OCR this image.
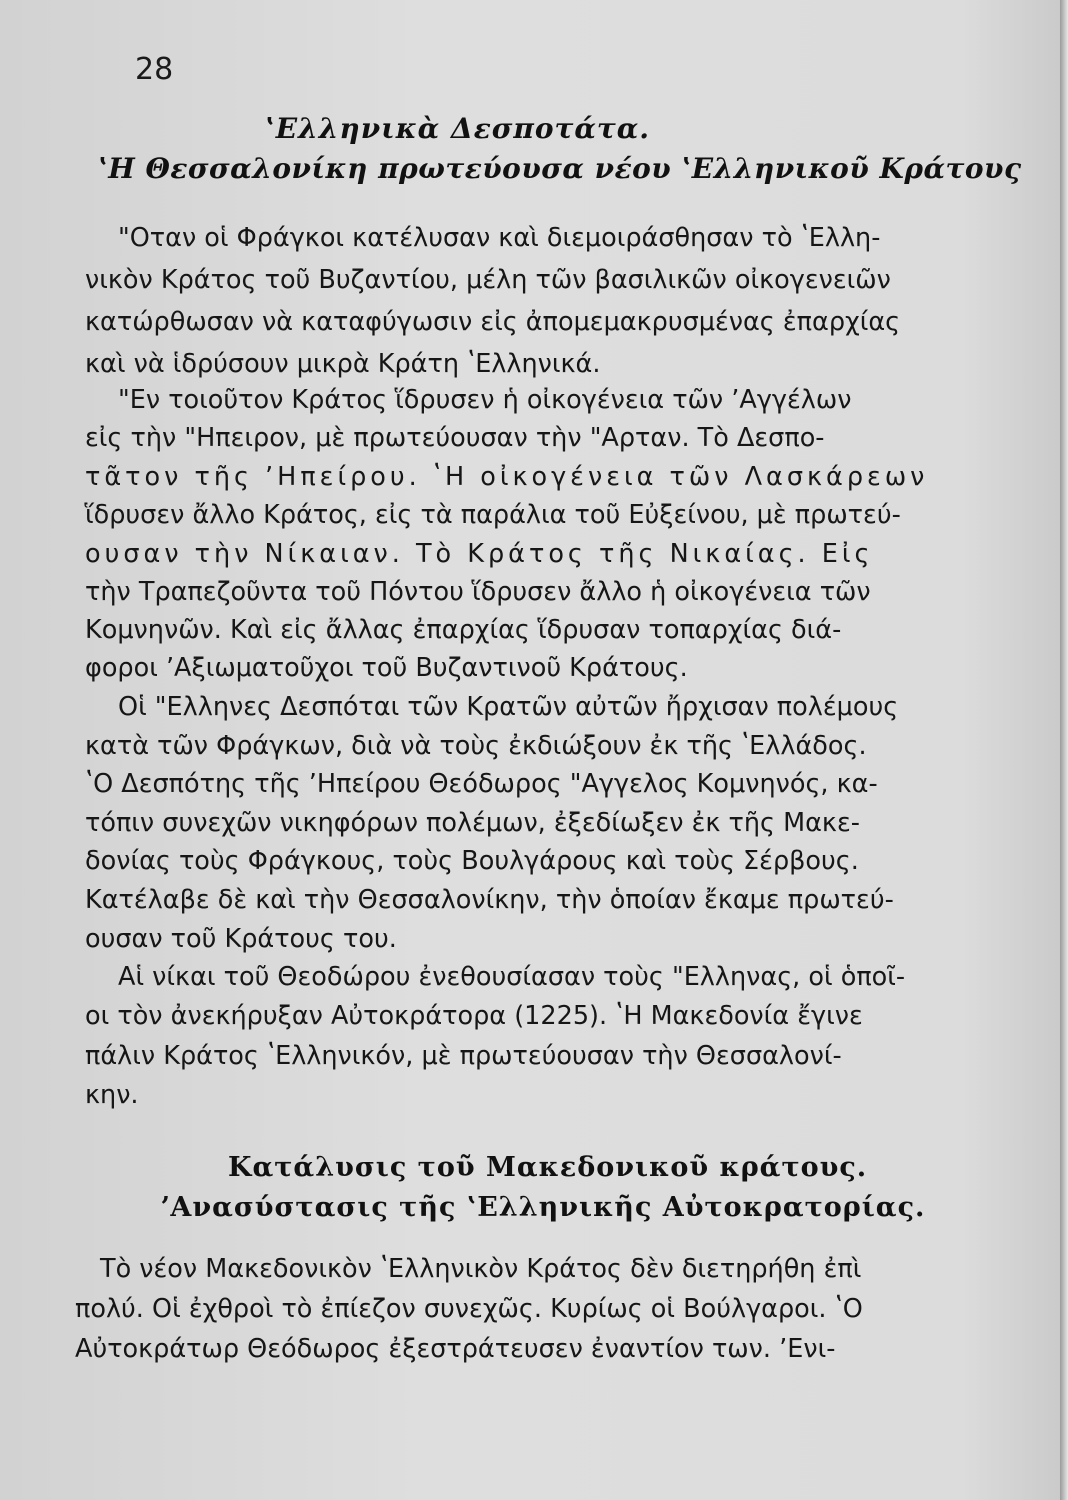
28
ʽΕλληνικὰ Δεσποτάτα.
ʽΗ Θεσσαλονίκη πρωτεύουσα νέου ʽΕλληνικοῦ Κράτους
"Οταν οἱ Φράγκοι κατέλυσαν καὶ διεμοιράσθησαν τὸ ʽΕλλη-
νικὸν Κράτος τοῦ Βυζαντίου, μέλη τῶν βασιλικῶν οἰκογενειῶν
κατώρθωσαν νὰ καταφύγωσιν εἰς ἀπομεμακρυσμένας ἐπαρχίας
καὶ νὰ ἱδρύσουν μικρὰ Κράτη ʽΕλληνικά.
"Εν τοιοῦτον Κράτος ἵδρυσεν ἡ οἰκογένεια τῶν ʼΑγγέλων
εἰς τὴν "Ηπειρον, μὲ πρωτεύουσαν τὴν "Αρταν. Τὸ Δεσπο-
τᾶτον τῆς ʼΗπείρου. ʽΗ οἰκογένεια τῶν Λασκάρεων
ἵδρυσεν ἄλλο Κράτος, εἰς τὰ παράλια τοῦ Εὐξείνου, μὲ πρωτεύ-
ουσαν τὴν Νίκαιαν. Τὸ Κράτος τῆς Νικαίας. Εἰς
τὴν Τραπεζοῦντα τοῦ Πόντου ἵδρυσεν ἄλλο ἡ οἰκογένεια τῶν
Κομνηνῶν. Καὶ εἰς ἄλλας ἐπαρχίας ἵδρυσαν τοπαρχίας διά-
φοροι ʼΑξιωματοῦχοι τοῦ Βυζαντινοῦ Κράτους.
Οἱ "Ελληνες Δεσπόται τῶν Κρατῶν αὐτῶν ἤρχισαν πολέμους
κατὰ τῶν Φράγκων, διὰ νὰ τοὺς ἐκδιώξουν ἐκ τῆς ʽΕλλάδος.
ʽΟ Δεσπότης τῆς ʼΗπείρου Θεόδωρος "Αγγελος Κομνηνός, κα-
τόπιν συνεχῶν νικηφόρων πολέμων, ἐξεδίωξεν ἐκ τῆς Μακε-
δονίας τοὺς Φράγκους, τοὺς Βουλγάρους καὶ τοὺς Σέρβους.
Κατέλαβε δὲ καὶ τὴν Θεσσαλονίκην, τὴν ὁποίαν ἔκαμε πρωτεύ-
ουσαν τοῦ Κράτους του.
Αἱ νίκαι τοῦ Θεοδώρου ἐνεθουσίασαν τοὺς "Ελληνας, οἱ ὁποῖ-
οι τὸν ἀνεκήρυξαν Αὐτοκράτορα (1225). ʽΗ Μακεδονία ἔγινε
πάλιν Κράτος ʽΕλληνικόν, μὲ πρωτεύουσαν τὴν Θεσσαλονί-
κην.
Κατάλυσις τοῦ Μακεδονικοῦ κράτους.
ʼΑνασύστασις τῆς ʽΕλληνικῆς Αὐτοκρατορίας.
Τὸ νέον Μακεδονικὸν ʽΕλληνικὸν Κράτος δὲν διετηρήθη ἐπὶ
πολύ. Οἱ ἐχθροὶ τὸ ἐπίεζον συνεχῶς. Κυρίως οἱ Βούλγαροι. ʽΟ
Αὐτοκράτωρ Θεόδωρος ἐξεστράτευσεν ἐναντίον των. ʼΕνι-
